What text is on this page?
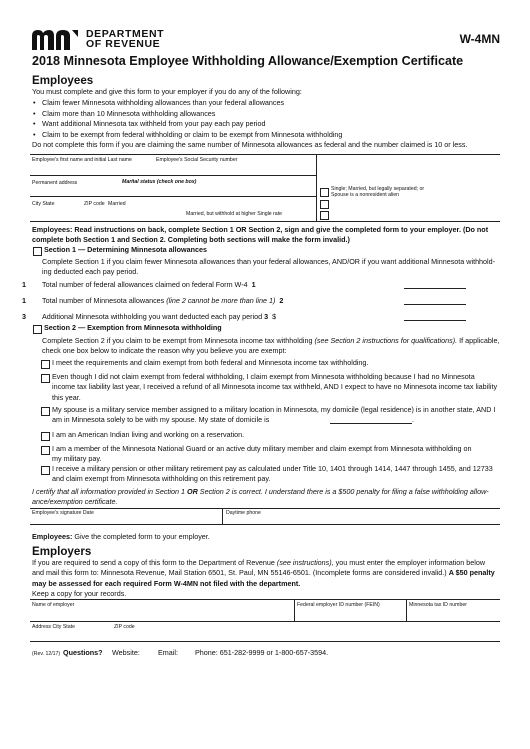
DEPARTMENT
OF REVENUE	W-4MN
2018 Minnesota Employee Withholding Allowance/Exemption Certificate
Employees
You must complete and give this form to your employer if you do any of the following:
• Claim fewer Minnesota withholding allowances than your federal allowances
• Claim more than 10 Minnesota withholding allowances
• Want additional Minnesota tax withheld from your pay each pay period
• Claim to be exempt from federal withholding or claim to be exempt from Minnesota withholding
Do not complete this form if you are claiming the same number of Minnesota allowances as federal and the number claimed is 10 or less.
Employee's first name and initial Last name	Employee's Social Security number
Permanent address	Marital status (check one box)
City State	ZIP code Married
Married, but withhold at higher Single rate
Single; Married, but legally separated; or
Spouse is a nonresident alien
Employees: Read instructions on back, complete Section 1 OR Section 2, sign and give the completed form to your employer. (Do not complete both Section 1 and Section 2. Completing both sections will make the form invalid.)
Section 1 — Determining Minnesota allowances
Complete Section 1 if you claim fewer Minnesota allowances than your federal allowances, AND/OR if you want additional Minnesota withhold-
ing deducted each pay period.
1 Total number of federal allowances claimed on federal Form W-4 1
1 Total number of Minnesota allowances (line 2 cannot be more than line 1) 2
3 Additional Minnesota withholding you want deducted each pay period 3 $
Section 2 — Exemption from Minnesota withholding
Complete Section 2 if you claim to be exempt from Minnesota income tax withholding (see Section 2 instructions for qualifications). If applicable,
check one box below to indicate the reason why you believe you are exempt:
I meet the requirements and claim exempt from both federal and Minnesota income tax withholding.
Even though I did not claim exempt from federal withholding, I claim exempt from Minnesota withholding because I had no Minnesota
income tax liability last year, I received a refund of all Minnesota income tax withheld, AND I expect to have no Minnesota income tax liability
this year.
My spouse is a military service member assigned to a military location in Minnesota, my domicile (legal residence) is in another state, AND I
am in Minnesota solely to be with my spouse. My state of domicile is	.
I am an American Indian living and working on a reservation.
I am a member of the Minnesota National Guard or an active duty military member and claim exempt from Minnesota withholding on
my military pay.
I receive a military pension or other military retirement pay as calculated under Title 10, 1401 through 1414, 1447 through 1455, and 12733
and claim exempt from Minnesota withholding on this retirement pay.
I certify that all information provided in Section 1 OR Section 2 is correct. I understand there is a $500 penalty for filing a false withholding allow-
ance/exemption certificate.
Employee's signature Date	Daytime phone
Employees: Give the completed form to your employer.
Employers
If you are required to send a copy of this form to the Department of Revenue (see instructions), you must enter the employer information below
and mail this form to: Minnesota Revenue, Mail Station 6501, St. Paul, MN 55146-6501. (Incomplete forms are considered invalid.) A $50 penalty
may be assessed for each required Form W-4MN not filed with the department.
Keep a copy for your records.
Name of employer	Federal employer ID number (FEIN)	Minnesota tax ID number
Address City State	ZIP code
(Rev. 12/17) Questions? Website:	Email: Phone: 651-282-9999 or 1-800-657-3594.
